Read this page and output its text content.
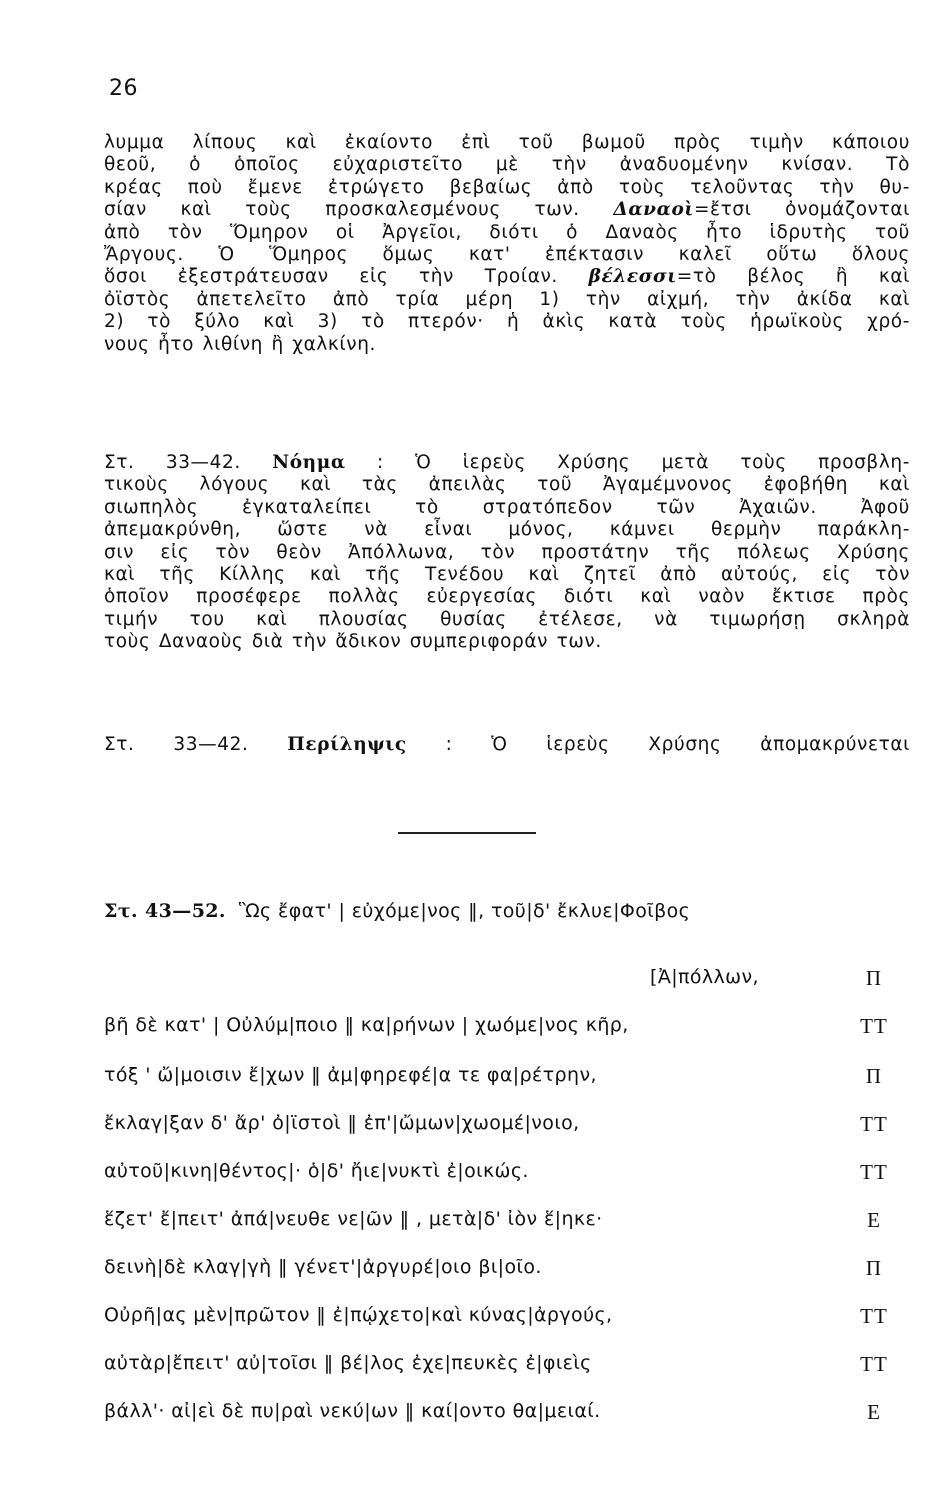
26
λυμμα λίπους καὶ ἐκαίοντο ἐπὶ τοῦ βωμοῦ πρὸς τιμὴν κάποιου
θεοῦ, ὁ ὁποῖος εὐχαριστεῖτο μὲ τὴν ἀναδυομένην κνίσαν. Τὸ
κρέας ποὺ ἔμενε ἐτρώγετο βεβαίως ἀπὸ τοὺς τελοῦντας τὴν θυ-
σίαν καὶ τοὺς προσκαλεσμένους των. Δαναοὶ=ἔτσι ὀνομάζονται
ἀπὸ τὸν Ὅμηρον οἱ Ἀργεῖοι, διότι ὁ Δαναὸς ἦτο ἱδρυτὴς τοῦ
Ἄργους. Ὁ Ὅμηρος ὅμως κατ' ἐπέκτασιν καλεῖ οὕτω ὅλους
ὅσοι ἐξεστράτευσαν εἰς τὴν Τροίαν. βέλεσσι=τὸ βέλος ἢ καὶ
ὀϊστὸς ἀπετελεῖτο ἀπὸ τρία μέρη 1) τὴν αἰχμή, τὴν ἀκίδα καὶ
2) τὸ ξύλο καὶ 3) τὸ πτερόν· ἡ ἀκὶς κατὰ τοὺς ἡρωϊκοὺς χρό-
νους ἦτο λιθίνη ἢ χαλκίνη.
Στ. 33—42. Νόημα : Ὁ ἱερεὺς Χρύσης μετὰ τοὺς προσβλη-
τικοὺς λόγους καὶ τὰς ἀπειλὰς τοῦ Ἀγαμέμνονος ἐφοβήθη καὶ
σιωπηλὸς ἐγκαταλείπει τὸ στρατόπεδον τῶν Ἀχαιῶν. Ἀφοῦ
ἀπεμακρύνθη, ὥστε νὰ εἶναι μόνος, κάμνει θερμὴν παράκλη-
σιν εἰς τὸν θεὸν Ἀπόλλωνα, τὸν προστάτην τῆς πόλεως Χρύσης
καὶ τῆς Κίλλης καὶ τῆς Τενέδου καὶ ζητεῖ ἀπὸ αὐτούς, εἰς τὸν
ὁποῖον προσέφερε πολλὰς εὐεργεσίας διότι καὶ ναὸν ἔκτισε πρὸς
τιμήν του καὶ πλουσίας θυσίας ἐτέλεσε, νὰ τιμωρήσῃ σκληρὰ
τοὺς Δαναοὺς διὰ τὴν ἄδικον συμπεριφοράν των.
Στ. 33—42. Περίληψις : Ὁ ἱερεὺς Χρύσης ἀπομακρύνεται
Στ. 43—52. Ὣς ἔφατ' | εὐχόμε|νος ‖, τοῦ|δ' ἔκλυε|Φοῖβος
[Ἀ|πόλλων,	Π
βῆ δὲ κατ' | Οὐλύμ|ποιο ‖ κα|ρήνων | χωόμε|νος κῆρ,	ΤΤ
τόξ ' ὤ|μοισιν ἔ|χων ‖ ἀμ|φηρεφέ|α τε φα|ρέτρην,	Π
ἔκλαγ|ξαν δ' ἄρ' ὀ|ϊστοὶ ‖ ἐπ'|ὤμων|χωομέ|νοιο,	ΤΤ
αὐτοῦ|κινη|θέντος|· ὁ|δ' ἤιε|νυκτὶ ἐ|οικώς.	ΤΤ
ἕζετ' ἔ|πειτ' ἀπά|νευθε νε|ῶν ‖ , μετὰ|δ' ἰὸν ἕ|ηκε·	Ε
δεινὴ|δὲ κλαγ|γὴ ‖ γένετ'|ἀργυρέ|οιο βι|οῖο.	Π
Οὐρῆ|ας μὲν|πρῶτον ‖ ἐ|πῴχετο|καὶ κύνας|ἀργούς,	ΤΤ
αὐτὰρ|ἔπειτ' αὐ|τοῖσι ‖ βέ|λος ἐχε|πευκὲς ἐ|φιεὶς	ΤΤ
βάλλ'· αἰ|εὶ δὲ πυ|ραὶ νεκύ|ων ‖ καί|οντο θα|μειαί.	Ε
